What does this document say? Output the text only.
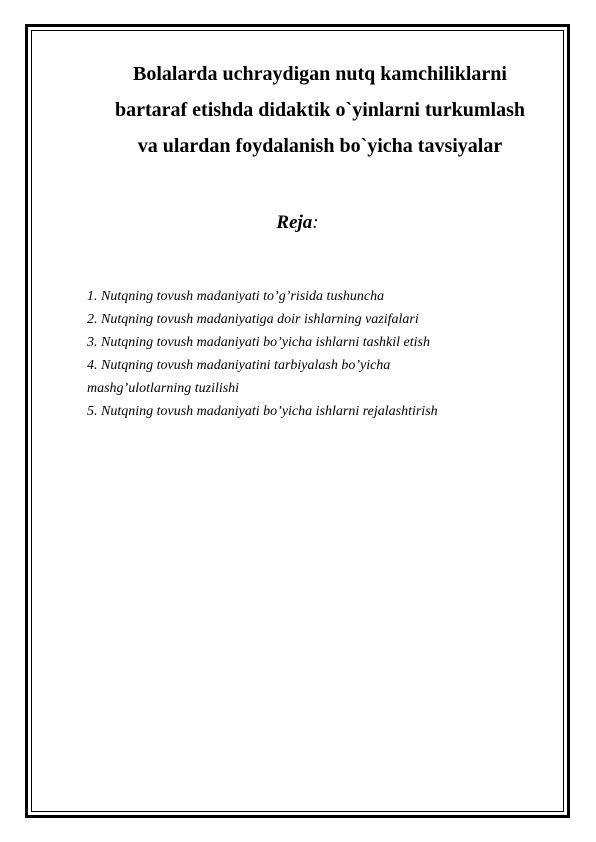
Bolalarda uchraydigan nutq kamchiliklarni
bartaraf etishda didaktik o`yinlarni turkumlash
va ulardan foydalanish bo`yicha tavsiyalar

Reja:

1. Nutqning tovush madaniyati to’g’risida tushuncha
2. Nutqning tovush madaniyatiga doir ishlarning vazifalari
3. Nutqning tovush madaniyati bo’yicha ishlarni tashkil etish
4. Nutqning tovush madaniyatini tarbiyalash bo’yicha
mashg’ulotlarning tuzilishi
5. Nutqning tovush madaniyati bo’yicha ishlarni rejalashtirish
